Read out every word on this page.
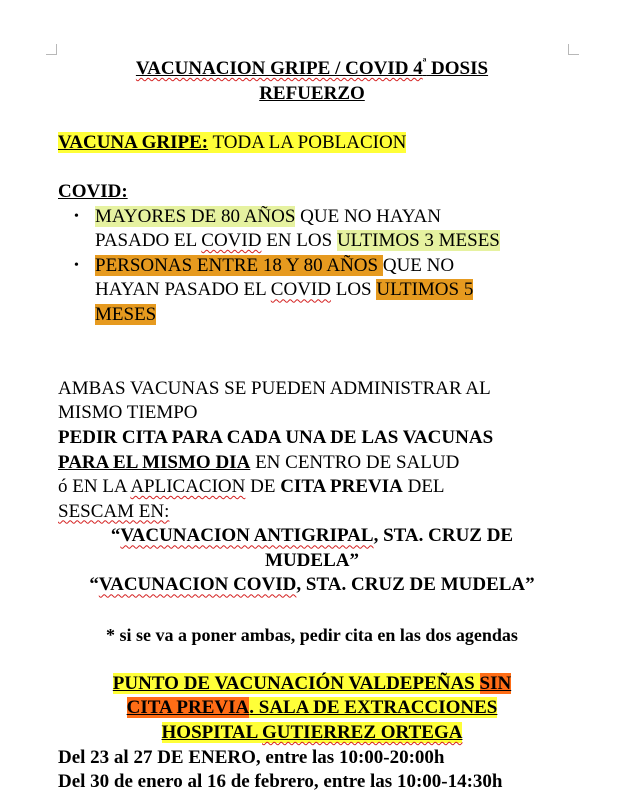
VACUNACION GRIPE / COVID $4^ª$ DOSIS
REFUERZO
VACUNA GRIPE: TODA LA POBLACION
COVID:
• MAYORES DE 80 AÑOS QUE NO HAYAN
PASADO EL COVID EN LOS ULTIMOS 3 MESES
• PERSONAS ENTRE 18 Y 80 AÑOS QUE NO
HAYAN PASADO EL COVID LOS ULTIMOS 5
MESES
AMBAS VACUNAS SE PUEDEN ADMINISTRAR AL
MISMO TIEMPO
PEDIR CITA PARA CADA UNA DE LAS VACUNAS
PARA EL MISMO DIA EN CENTRO DE SALUD
ó EN LA APLICACION DE CITA PREVIA DEL
SESCAM EN:
“VACUNACION ANTIGRIPAL, STA. CRUZ DE
MUDELA”
“VACUNACION COVID, STA. CRUZ DE MUDELA”
* si se va a poner ambas, pedir cita en las dos agendas
PUNTO DE VACUNACIÓN VALDEPEÑAS SIN
CITA PREVIA. SALA DE EXTRACCIONES
HOSPITAL GUTIERREZ ORTEGA
Del 23 al 27 DE ENERO, entre las 10:00-20:00h
Del 30 de enero al 16 de febrero, entre las 10:00-14:30h
